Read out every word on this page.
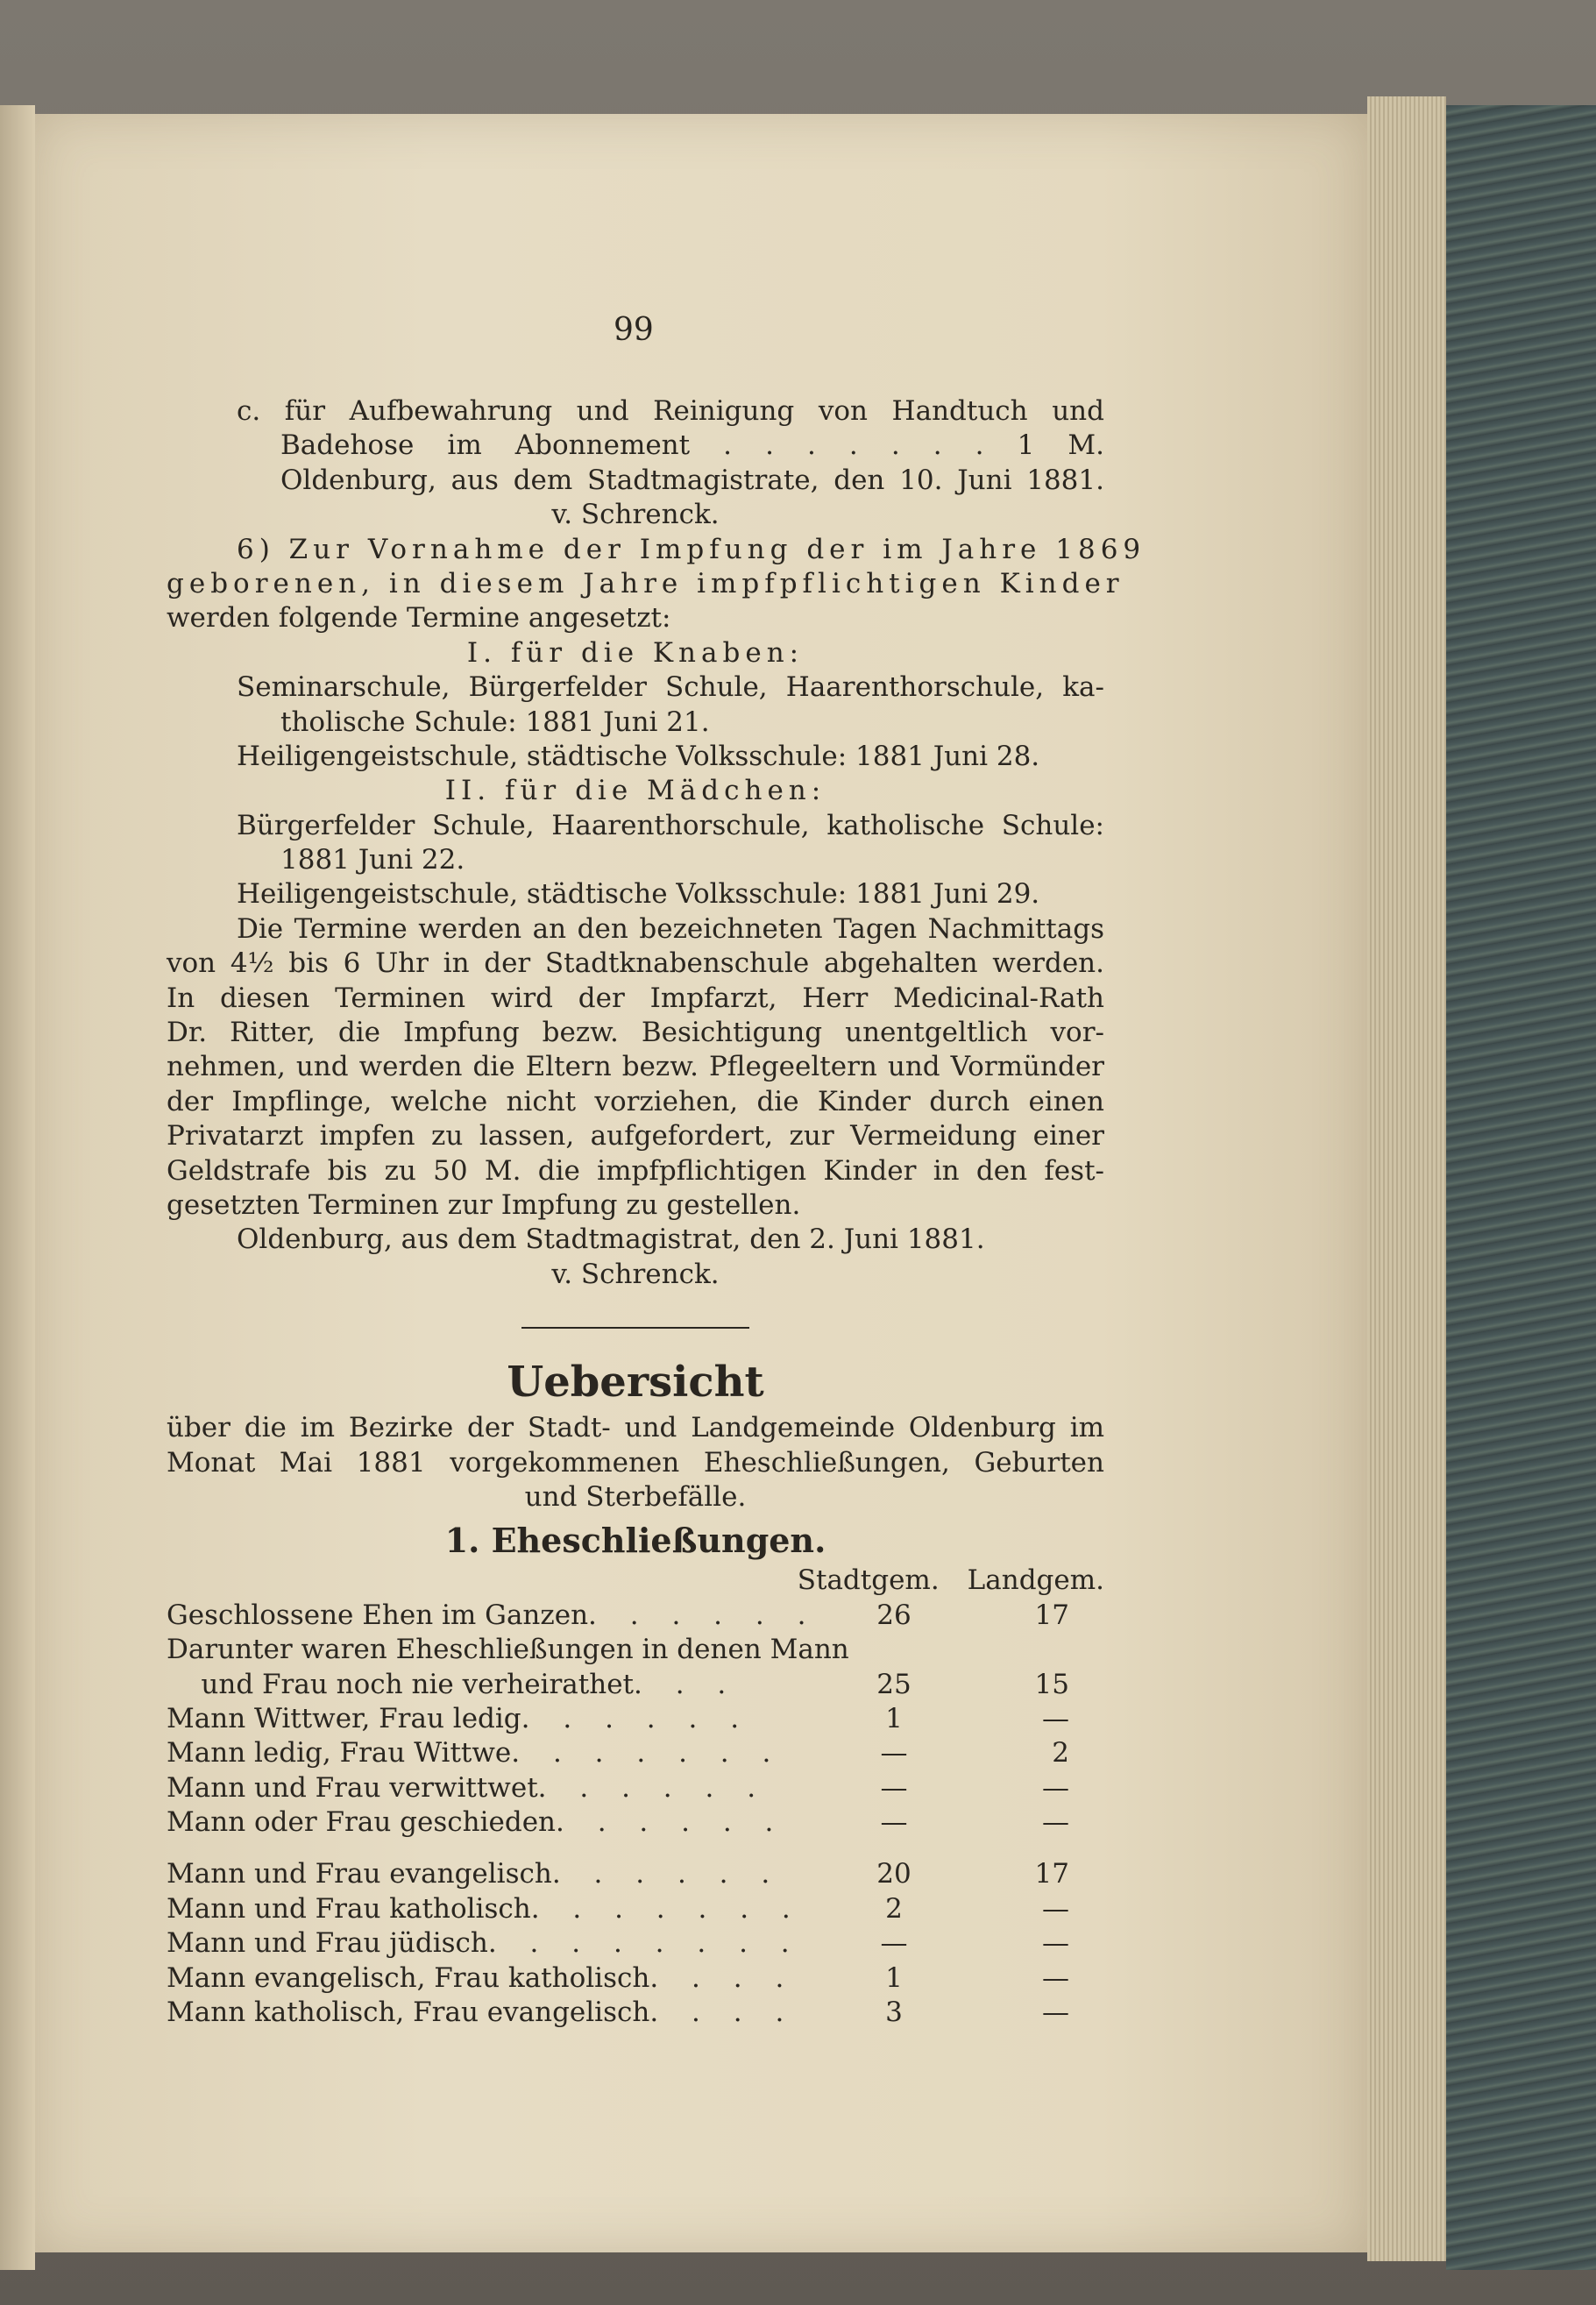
99
c. für Aufbewahrung und Reinigung von Handtuch und
Badehose im Abonnement . . . . . . . 1 M.
Oldenburg, aus dem Stadtmagistrate, den 10. Juni 1881.
v. Schrenck.
6) Zur Vornahme der Impfung der im Jahre 1869
geborenen, in diesem Jahre impfpflichtigen Kinder
werden folgende Termine angesetzt:
I. für die Knaben:
Seminarschule, Bürgerfelder Schule, Haarenthorschule, ka-
tholische Schule: 1881 Juni 21.
Heiligengeistschule, städtische Volksschule: 1881 Juni 28.
II. für die Mädchen:
Bürgerfelder Schule, Haarenthorschule, katholische Schule:
1881 Juni 22.
Heiligengeistschule, städtische Volksschule: 1881 Juni 29.
Die Termine werden an den bezeichneten Tagen Nachmittags
von 4½ bis 6 Uhr in der Stadtknabenschule abgehalten werden.
In diesen Terminen wird der Impfarzt, Herr Medicinal-Rath
Dr. Ritter, die Impfung bezw. Besichtigung unentgeltlich vor-
nehmen, und werden die Eltern bezw. Pflegeeltern und Vormünder
der Impflinge, welche nicht vorziehen, die Kinder durch einen
Privatarzt impfen zu lassen, aufgefordert, zur Vermeidung einer
Geldstrafe bis zu 50 M. die impfpflichtigen Kinder in den fest-
gesetzten Terminen zur Impfung zu gestellen.
Oldenburg, aus dem Stadtmagistrat, den 2. Juni 1881.
v. Schrenck.
Uebersicht
über die im Bezirke der Stadt- und Landgemeinde Oldenburg im
Monat Mai 1881 vorgekommenen Eheschließungen, Geburten
und Sterbefälle.
1. Eheschließungen.
Stadtgem. Landgem.
Geschlossene Ehen im Ganzen . . . . . .	26	17
Darunter waren Eheschließungen in denen Mann
und Frau noch nie verheirathet . . .	25	15
Mann Wittwer, Frau ledig . . . . . .	1	—
Mann ledig, Frau Wittwe . . . . . . .	—	2
Mann und Frau verwittwet . . . . . .	—	—
Mann oder Frau geschieden . . . . . .	—	—
Mann und Frau evangelisch . . . . . .	20	17
Mann und Frau katholisch . . . . . . .	2	—
Mann und Frau jüdisch . . . . . . . .	—	—
Mann evangelisch, Frau katholisch . . . .	1	—
Mann katholisch, Frau evangelisch . . . .	3	—
